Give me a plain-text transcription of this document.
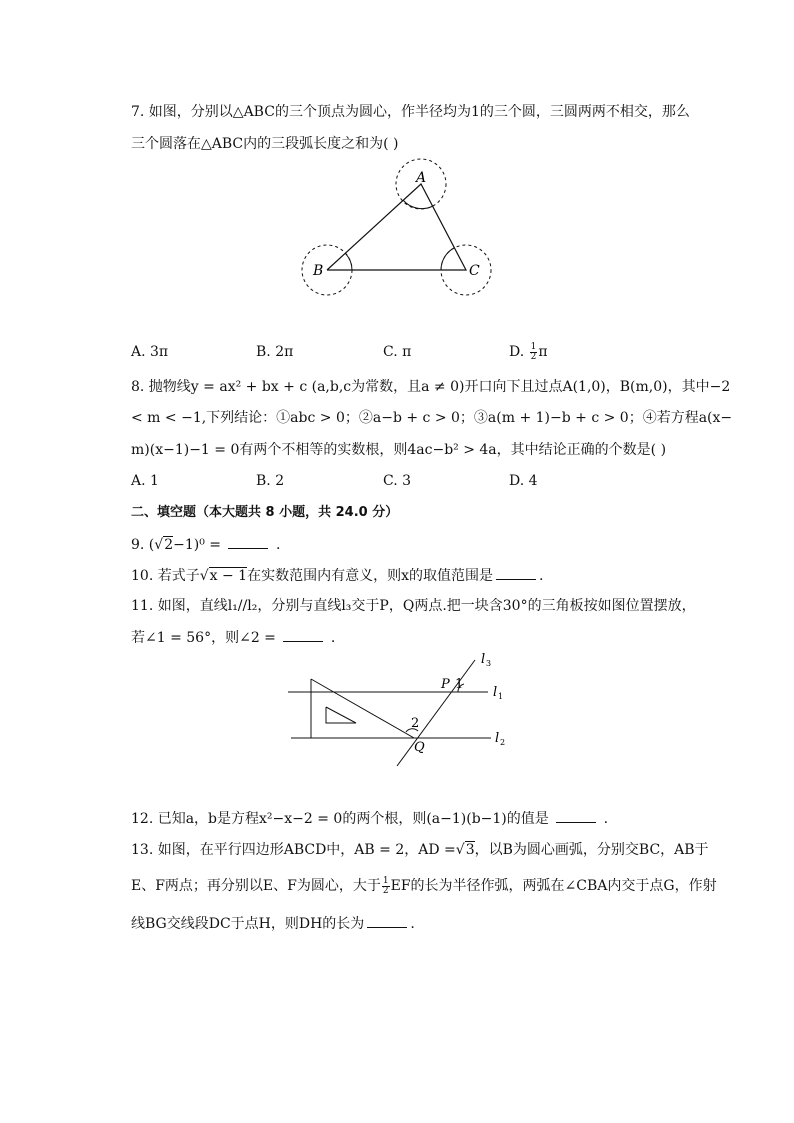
7. 如图，分别以△ABC的三个顶点为圆心，作半径均为1的三个圆，三圆两两不相交，那么
三个圆落在△ABC内的三段弧长度之和为( )
A
B	C
A. 3π	B. 2π	C. π	D. $\frac{1}{2}$ π
8. 抛物线y = ax² + bx + c (a,b,c为常数，且a ≠ 0)开口向下且过点A(1,0)，B(m,0)，其中−2
< m < −1,下列结论：①abc > 0；②a−b + c > 0；③a(m + 1)−b + c > 0；④若方程a(x−
m)(x−1)−1 = 0有两个不相等的实数根，则4ac−b² > 4a，其中结论正确的个数是( )
A. 1	B. 2	C. 3	D. 4
二、填空题（本大题共 8 小题，共 24.0 分）
9. (√2−1)⁰ =	.
10. 若式子√x − 1在实数范围内有意义，则x的取值范围是	.
11. 如图，直线l₁//l₂，分别与直线l₃交于P，Q两点.把一块含30°的三角板按如图位置摆放，
若∠1 = 56°，则∠2 =	.
l 3
l 1
l 2
P 1
2
Q
12. 已知a，b是方程x²−x−2 = 0的两个根，则(a−1)(b−1)的值是	.
13. 如图，在平行四边形ABCD中，AB = 2，AD =√3，以B为圆心画弧，分别交BC，AB于
E、F两点；再分别以E、F为圆心，大于 $\frac{1}{2}$ EF的长为半径作弧，两弧在∠CBA内交于点G，作射
线BG交线段DC于点H，则DH的长为	.
